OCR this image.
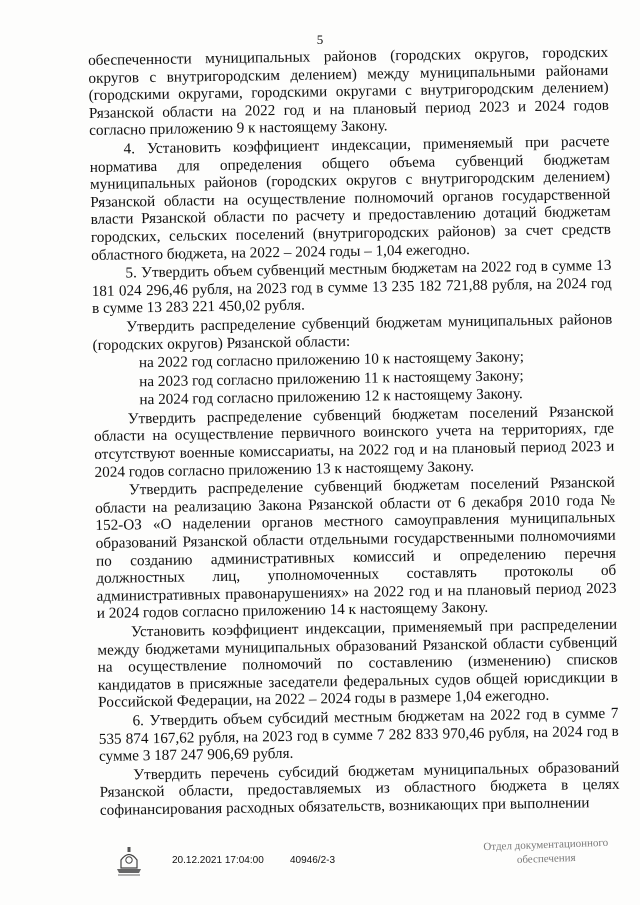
5

обеспеченности муниципальных районов (городских округов, городских округов с внутригородским делением) между муниципальными районами (городскими округами, городскими округами с внутригородским делением) Рязанской области на 2022 год и на плановый период 2023 и 2024 годов согласно приложению 9 к настоящему Закону.

4. Установить коэффициент индексации, применяемый при расчете норматива для определения общего объема субвенций бюджетам муниципальных районов (городских округов с внутригородским делением) Рязанской области на осуществление полномочий органов государственной власти Рязанской области по расчету и предоставлению дотаций бюджетам городских, сельских поселений (внутригородских районов) за счет средств областного бюджета, на 2022 – 2024 годы – 1,04 ежегодно.

5. Утвердить объем субвенций местным бюджетам на 2022 год в сумме 13 181 024 296,46 рубля, на 2023 год в сумме 13 235 182 721,88 рубля, на 2024 год в сумме 13 283 221 450,02 рубля.

Утвердить распределение субвенций бюджетам муниципальных районов (городских округов) Рязанской области:

на 2022 год согласно приложению 10 к настоящему Закону;

на 2023 год согласно приложению 11 к настоящему Закону;

на 2024 год согласно приложению 12 к настоящему Закону.

Утвердить распределение субвенций бюджетам поселений Рязанской области на осуществление первичного воинского учета на территориях, где отсутствуют военные комиссариаты, на 2022 год и на плановый период 2023 и 2024 годов согласно приложению 13 к настоящему Закону.

Утвердить распределение субвенций бюджетам поселений Рязанской области на реализацию Закона Рязанской области от 6 декабря 2010 года № 152-ОЗ «О наделении органов местного самоуправления муниципальных образований Рязанской области отдельными государственными полномочиями по созданию административных комиссий и определению перечня должностных лиц, уполномоченных составлять протоколы об административных правонарушениях» на 2022 год и на плановый период 2023 и 2024 годов согласно приложению 14 к настоящему Закону.

Установить коэффициент индексации, применяемый при распределении между бюджетами муниципальных образований Рязанской области субвенций на осуществление полномочий по составлению (изменению) списков кандидатов в присяжные заседатели федеральных судов общей юрисдикции в Российской Федерации, на 2022 – 2024 годы в размере 1,04 ежегодно.

6. Утвердить объем субсидий местным бюджетам на 2022 год в сумме 7 535 874 167,62 рубля, на 2023 год в сумме 7 282 833 970,46 рубля, на 2024 год в сумме 3 187 247 906,69 рубля.

Утвердить перечень субсидий бюджетам муниципальных образований Рязанской области, предоставляемых из областного бюджета в целях софинансирования расходных обязательств, возникающих при выполнении

20.12.2021 17:04:00	40946/2-3
Отдел документационного
обеспечения
